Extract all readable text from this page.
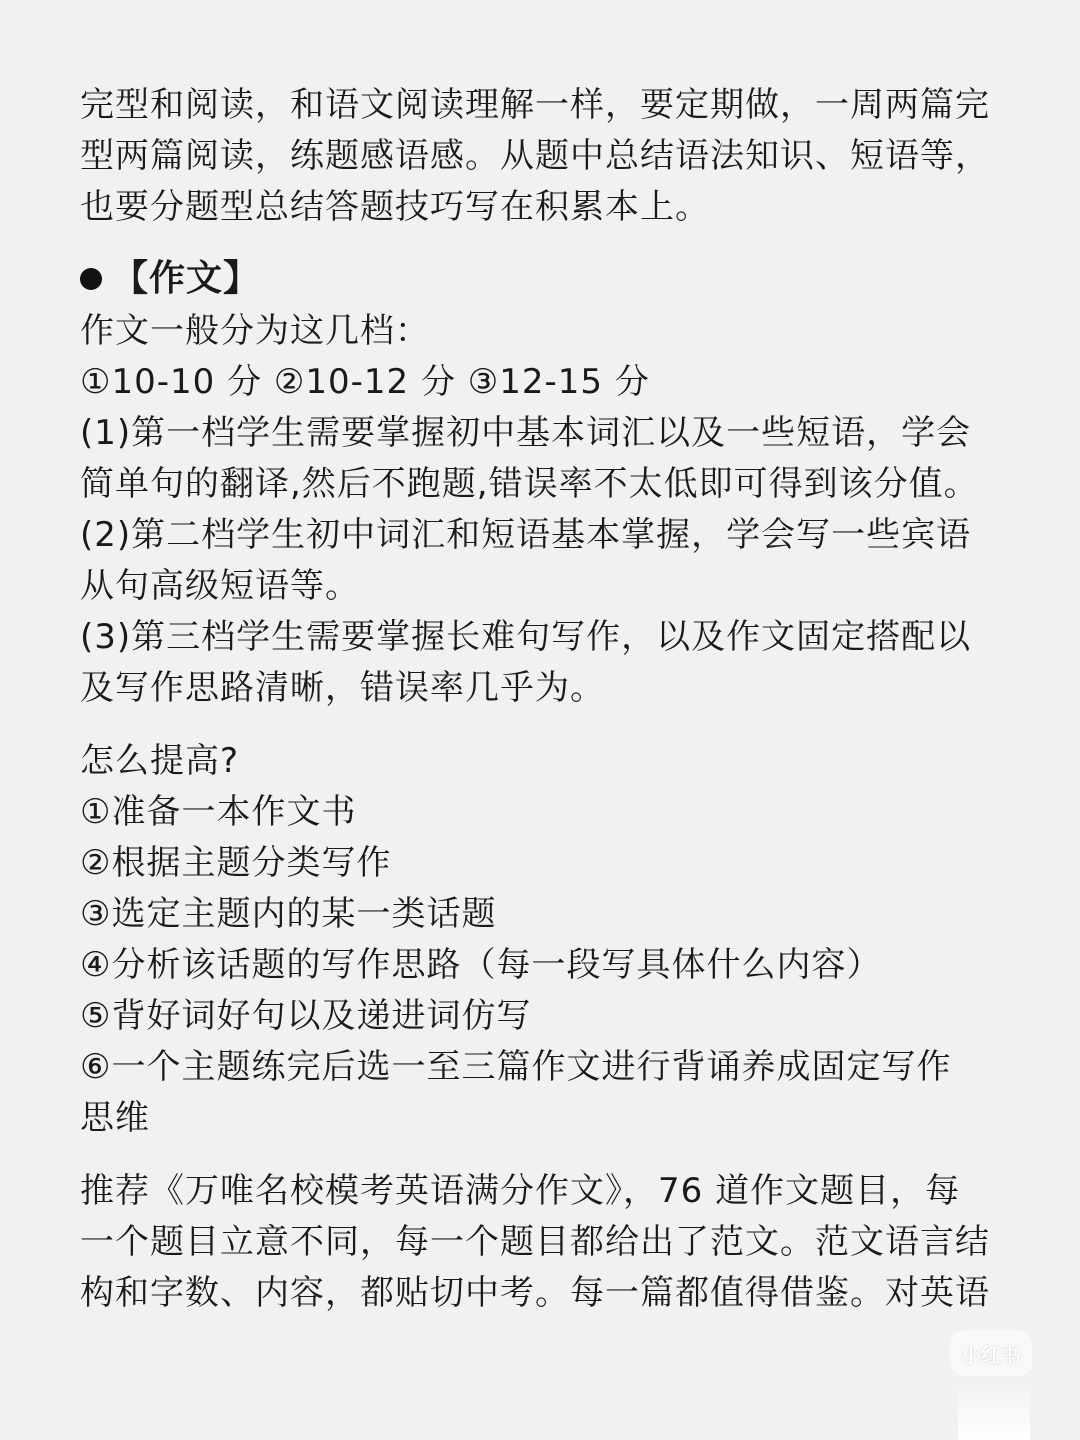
完型和阅读，和语文阅读理解一样，要定期做，一周两篇完
型两篇阅读，练题感语感。从题中总结语法知识、短语等，
也要分题型总结答题技巧写在积累本上。
【作文】
作文一般分为这几档：
①10-10 分 ②10-12 分 ③12-15 分
(1)第一档学生需要掌握初中基本词汇以及一些短语，学会
简单句的翻译,然后不跑题,错误率不太低即可得到该分值。
(2)第二档学生初中词汇和短语基本掌握，学会写一些宾语
从句高级短语等。
(3)第三档学生需要掌握长难句写作，以及作文固定搭配以
及写作思路清晰，错误率几乎为。
怎么提高?
①准备一本作文书
②根据主题分类写作
③选定主题内的某一类话题
④分析该话题的写作思路（每一段写具体什么内容）
⑤背好词好句以及递进词仿写
⑥一个主题练完后选一至三篇作文进行背诵养成固定写作
思维
推荐《万唯名校模考英语满分作文》，76 道作文题目，每
一个题目立意不同，每一个题目都给出了范文。范文语言结
构和字数、内容，都贴切中考。每一篇都值得借鉴。对英语
小红书
